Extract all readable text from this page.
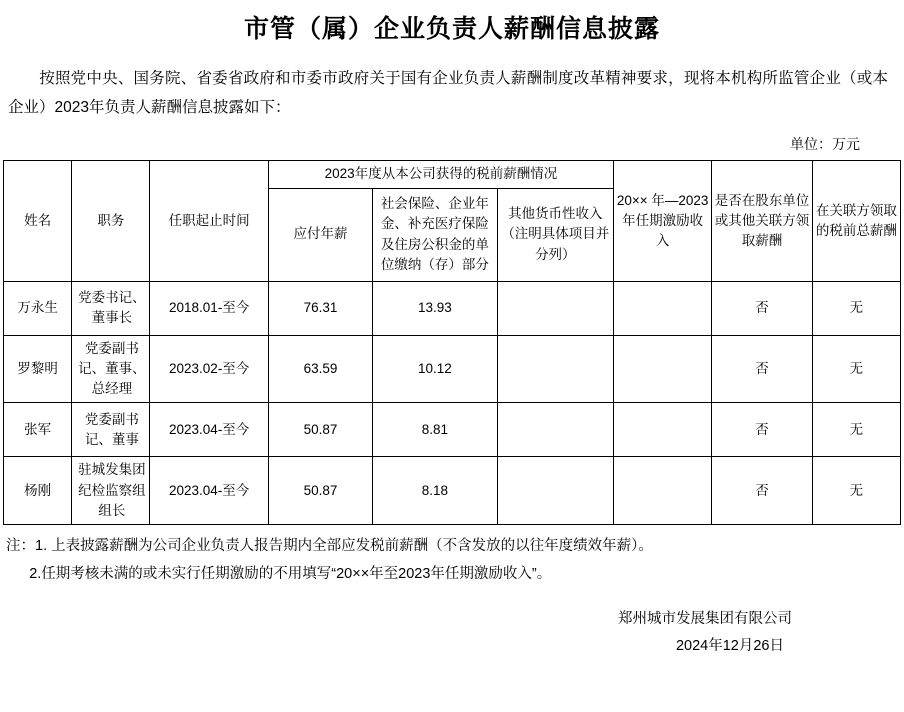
市管（属）企业负责人薪酬信息披露
按照党中央、国务院、省委省政府和市委市政府关于国有企业负责人薪酬制度改革精神要求，现将本机构所监管企业（或本企业）2023年负责人薪酬信息披露如下：
单位：万元
姓名	职务	任职起止时间	2023年度从本公司获得的税前薪酬情况			20×× 年—2023年任期激励收入	是否在股东单位或其他关联方领取薪酬	在关联方领取的税前总薪酬
			应付年薪	社会保险、企业年金、补充医疗保险及住房公积金的单位缴纳（存）部分	其他货币性收入（注明具体项目并分列）			
万永生	党委书记、董事长	2018.01-至今	76.31	13.93			否	无
罗黎明	党委副书记、董事、总经理	2023.02-至今	63.59	10.12			否	无
张军	党委副书记、董事	2023.04-至今	50.87	8.81			否	无
杨刚	驻城发集团纪检监察组组长	2023.04-至今	50.87	8.18			否	无
注：1. 上表披露薪酬为公司企业负责人报告期内全部应发税前薪酬（不含发放的以往年度绩效年薪）。
2.任期考核未满的或未实行任期激励的不用填写“20××年至2023年任期激励收入”。
郑州城市发展集团有限公司
2024年12月26日
